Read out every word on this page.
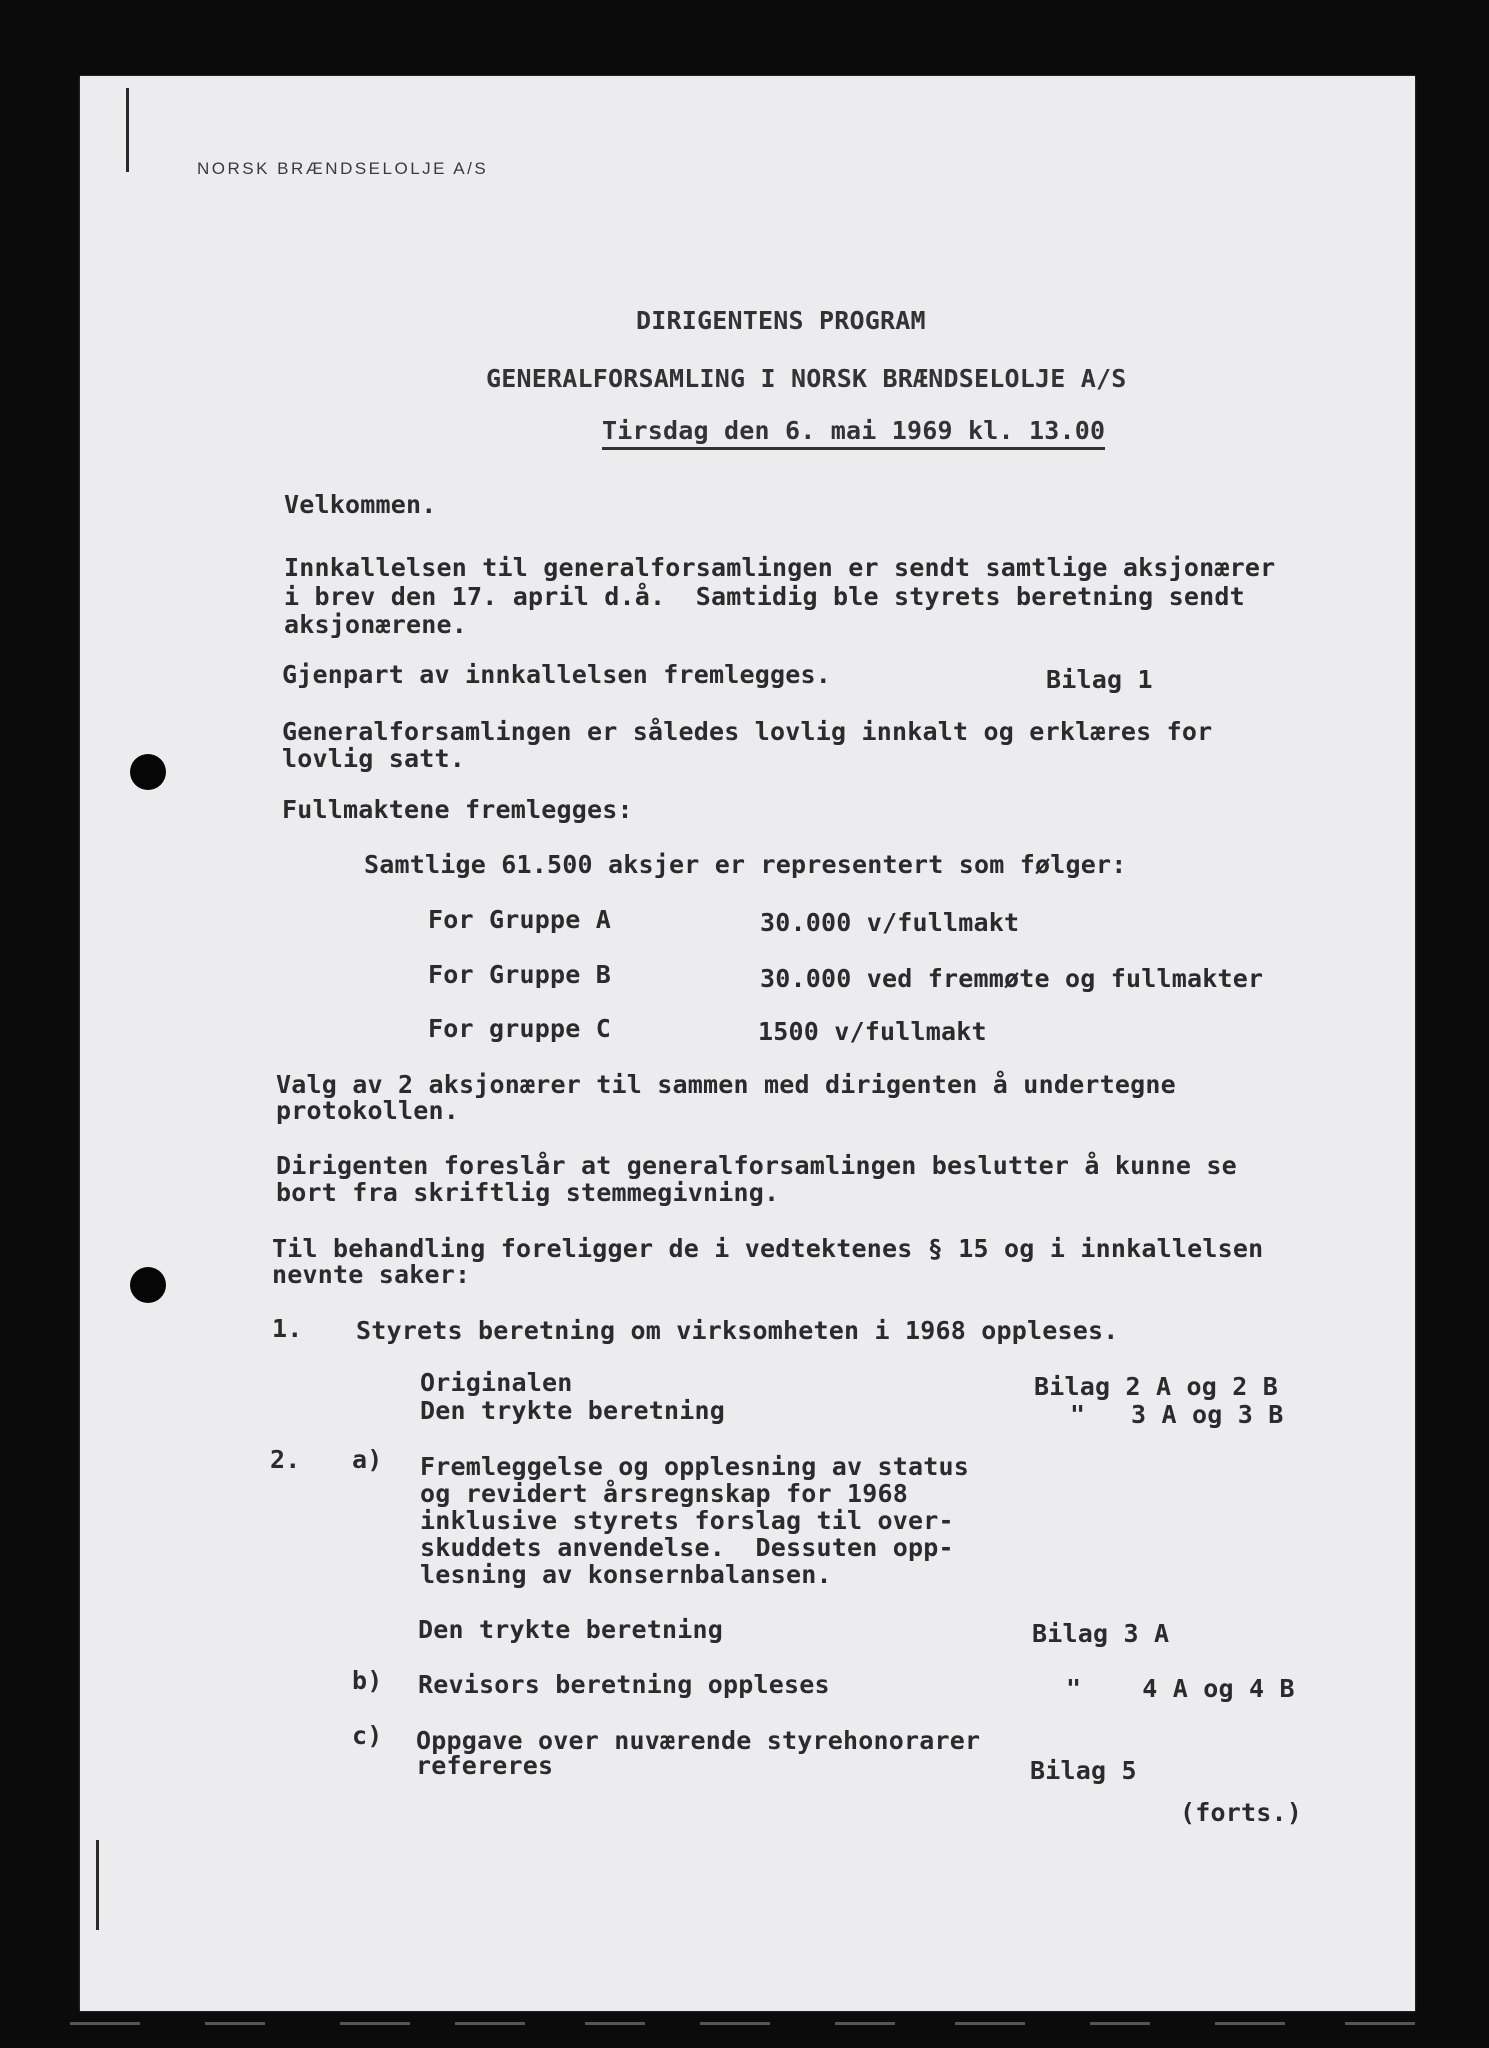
NORSK BRÆNDSELOLJE A/S
DIRIGENTENS PROGRAM
GENERALFORSAMLING I NORSK BRÆNDSELOLJE A/S
Tirsdag den 6. mai 1969 kl. 13.00
Velkommen.
Innkallelsen til generalforsamlingen er sendt samtlige aksjonærer
i brev den 17. april d.å.  Samtidig ble styrets beretning sendt
aksjonærene.
Gjenpart av innkallelsen fremlegges.	Bilag 1
Generalforsamlingen er således lovlig innkalt og erklæres for
lovlig satt.
Fullmaktene fremlegges:
Samtlige 61.500 aksjer er representert som følger:
For Gruppe A	30.000 v/fullmakt
For Gruppe B	30.000 ved fremmøte og fullmakter
For gruppe C	1500 v/fullmakt
Valg av 2 aksjonærer til sammen med dirigenten å undertegne
protokollen.
Dirigenten foreslår at generalforsamlingen beslutter å kunne se
bort fra skriftlig stemmegivning.
Til behandling foreligger de i vedtektenes § 15 og i innkallelsen
nevnte saker:
1. Styrets beretning om virksomheten i 1968 oppleses.
Originalen	Bilag 2 A og 2 B
Den trykte beretning	"   3 A og 3 B
2. a) Fremleggelse og opplesning av status
og revidert årsregnskap for 1968
inklusive styrets forslag til over-
skuddets anvendelse.  Dessuten opp-
lesning av konsernbalansen.
Den trykte beretning	Bilag 3 A
b) Revisors beretning oppleses	"    4 A og 4 B
c) Oppgave over nuværende styrehonorarer
refereres	Bilag 5
(forts.)
